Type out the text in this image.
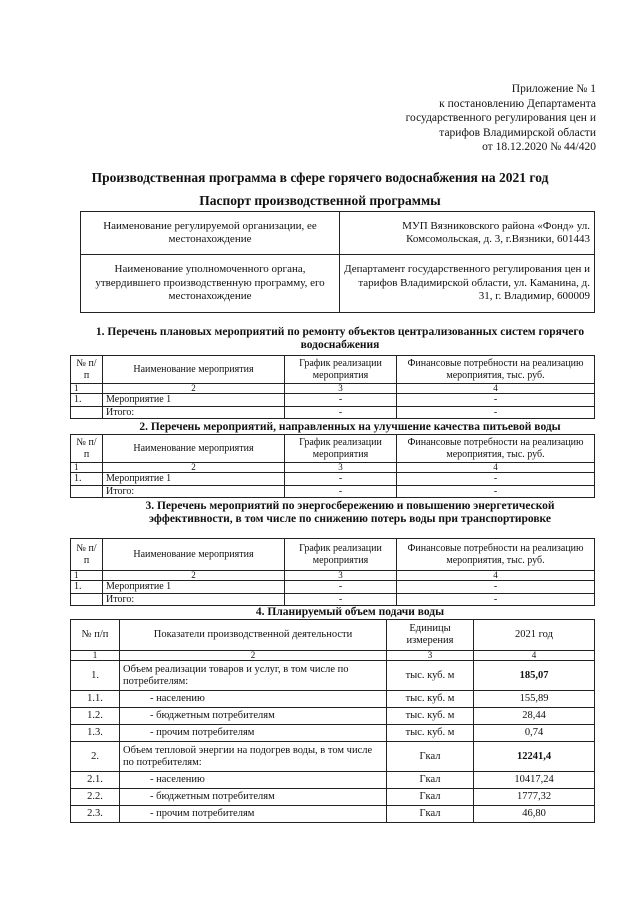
Приложение № 1
к постановлению Департамента
государственного регулирования цен и
тарифов Владимирской области
от 18.12.2020 № 44/420
Производственная программа в сфере горячего водоснабжения на 2021 год
Паспорт производственной программы
Наименование регулируемой организации, ее местонахождение	МУП Вязниковского района «Фонд» ул. Комсомольская, д. 3, г.Вязники, 601443
Наименование уполномоченного органа, утвердившего производственную программу, его местонахождение	Департамент государственного регулирования цен и тарифов Владимирской области, ул. Каманина, д. 31, г. Владимир, 600009
1. Перечень плановых мероприятий по ремонту объектов централизованных систем горячего водоснабжения
№ п/п	Наименование мероприятия	График реализации мероприятия	Финансовые потребности на реализацию мероприятия, тыс. руб.
1	2	3	4
1.	Мероприятие 1	-	-
	Итого:	-	-
2. Перечень мероприятий, направленных на улучшение качества питьевой воды
№ п/п	Наименование мероприятия	График реализации мероприятия	Финансовые потребности на реализацию мероприятия, тыс. руб.
1	2	3	4
1.	Мероприятие 1	-	-
	Итого:	-	-
3. Перечень мероприятий по энергосбережению и повышению энергетической эффективности, в том числе по снижению потерь воды при транспортировке
№ п/п	Наименование мероприятия	График реализации мероприятия	Финансовые потребности на реализацию мероприятия, тыс. руб.
1	2	3	4
1.	Мероприятие 1	-	-
	Итого:	-	-
4. Планируемый объем подачи воды
№ п/п	Показатели производственной деятельности	Единицы измерения	2021 год
1	2	3	4
1.	Объем реализации товаров и услуг, в том числе по потребителям:	тыс. куб. м	185,07
1.1.	- населению	тыс. куб. м	155,89
1.2.	- бюджетным потребителям	тыс. куб. м	28,44
1.3.	- прочим потребителям	тыс. куб. м	0,74
2.	Объем тепловой энергии на подогрев воды, в том числе по потребителям:	Гкал	12241,4
2.1.	- населению	Гкал	10417,24
2.2.	- бюджетным потребителям	Гкал	1777,32
2.3.	- прочим потребителям	Гкал	46,80
